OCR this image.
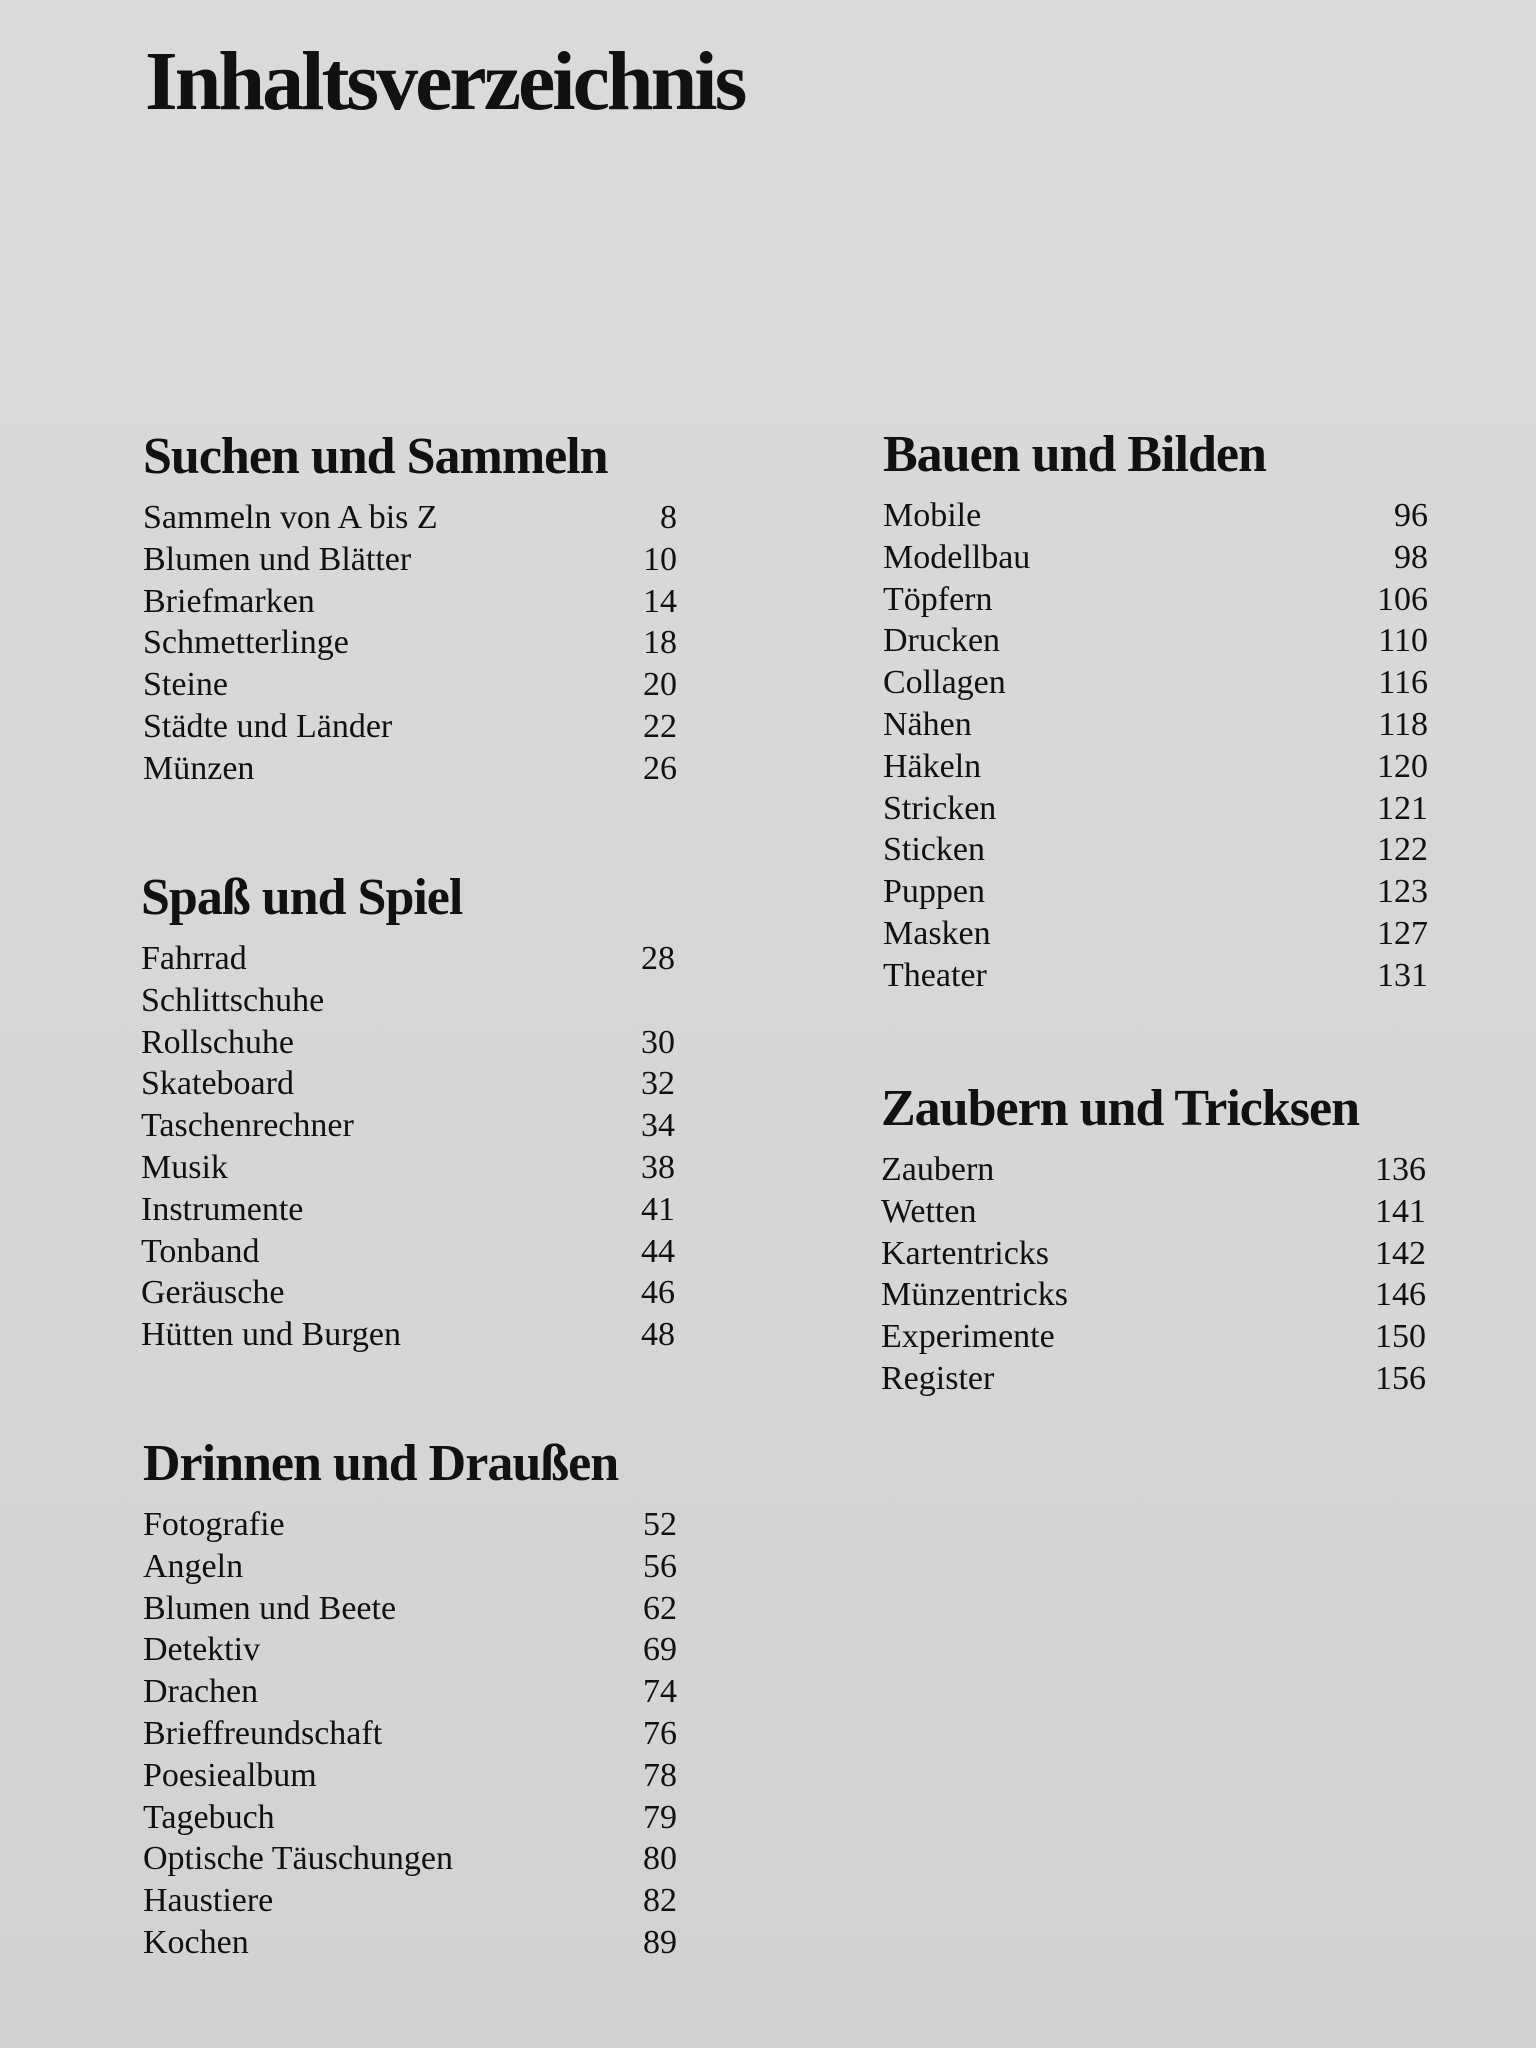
Inhaltsverzeichnis
Suchen und Sammeln
Sammeln von A bis Z	8
Blumen und Blätter	10
Briefmarken	14
Schmetterlinge	18
Steine	20
Städte und Länder	22
Münzen	26
Spaß und Spiel
Fahrrad	28
Schlittschuhe
Rollschuhe	30
Skateboard	32
Taschenrechner	34
Musik	38
Instrumente	41
Tonband	44
Geräusche	46
Hütten und Burgen	48
Drinnen und Draußen
Fotografie	52
Angeln	56
Blumen und Beete	62
Detektiv	69
Drachen	74
Brieffreundschaft	76
Poesiealbum	78
Tagebuch	79
Optische Täuschungen	80
Haustiere	82
Kochen	89
Bauen und Bilden
Mobile	96
Modellbau	98
Töpfern	106
Drucken	110
Collagen	116
Nähen	118
Häkeln	120
Stricken	121
Sticken	122
Puppen	123
Masken	127
Theater	131
Zaubern und Tricksen
Zaubern	136
Wetten	141
Kartentricks	142
Münzentricks	146
Experimente	150
Register	156
